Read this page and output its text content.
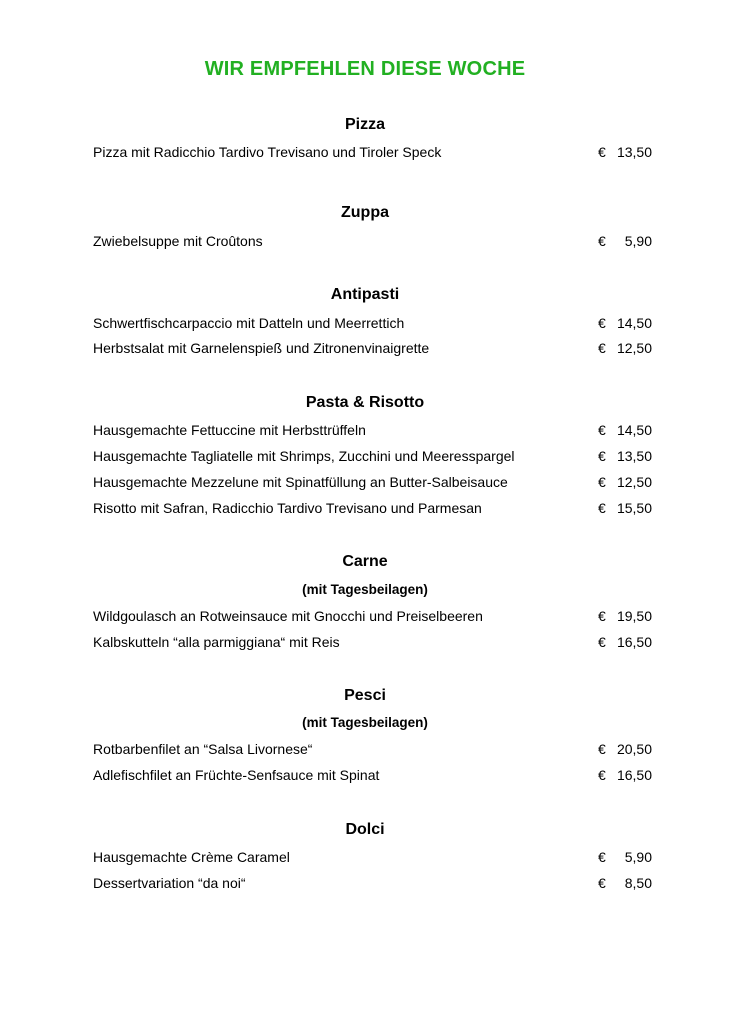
WIR EMPFEHLEN DIESE WOCHE
Pizza
Pizza mit Radicchio Tardivo Trevisano und Tiroler Speck	€ 13,50
Zuppa
Zwiebelsuppe mit Croûtons	€ 5,90
Antipasti
Schwertfischcarpaccio mit Datteln und Meerrettich	€ 14,50
Herbstsalat mit Garnelenspieß und Zitronenvinaigrette	€ 12,50
Pasta & Risotto
Hausgemachte Fettuccine mit Herbsttrüffeln	€ 14,50
Hausgemachte Tagliatelle mit Shrimps, Zucchini und Meeresspargel	€ 13,50
Hausgemachte Mezzelune mit Spinatfüllung an Butter-Salbeisauce	€ 12,50
Risotto mit Safran, Radicchio Tardivo Trevisano und Parmesan	€ 15,50
Carne
(mit Tagesbeilagen)
Wildgoulasch an Rotweinsauce mit Gnocchi und Preiselbeeren	€ 19,50
Kalbskutteln “alla parmiggiana“ mit Reis	€ 16,50
Pesci
(mit Tagesbeilagen)
Rotbarbenfilet an “Salsa Livornese“	€ 20,50
Adlefischfilet an Früchte-Senfsauce mit Spinat	€ 16,50
Dolci
Hausgemachte Crème Caramel	€ 5,90
Dessertvariation “da noi“	€ 8,50
